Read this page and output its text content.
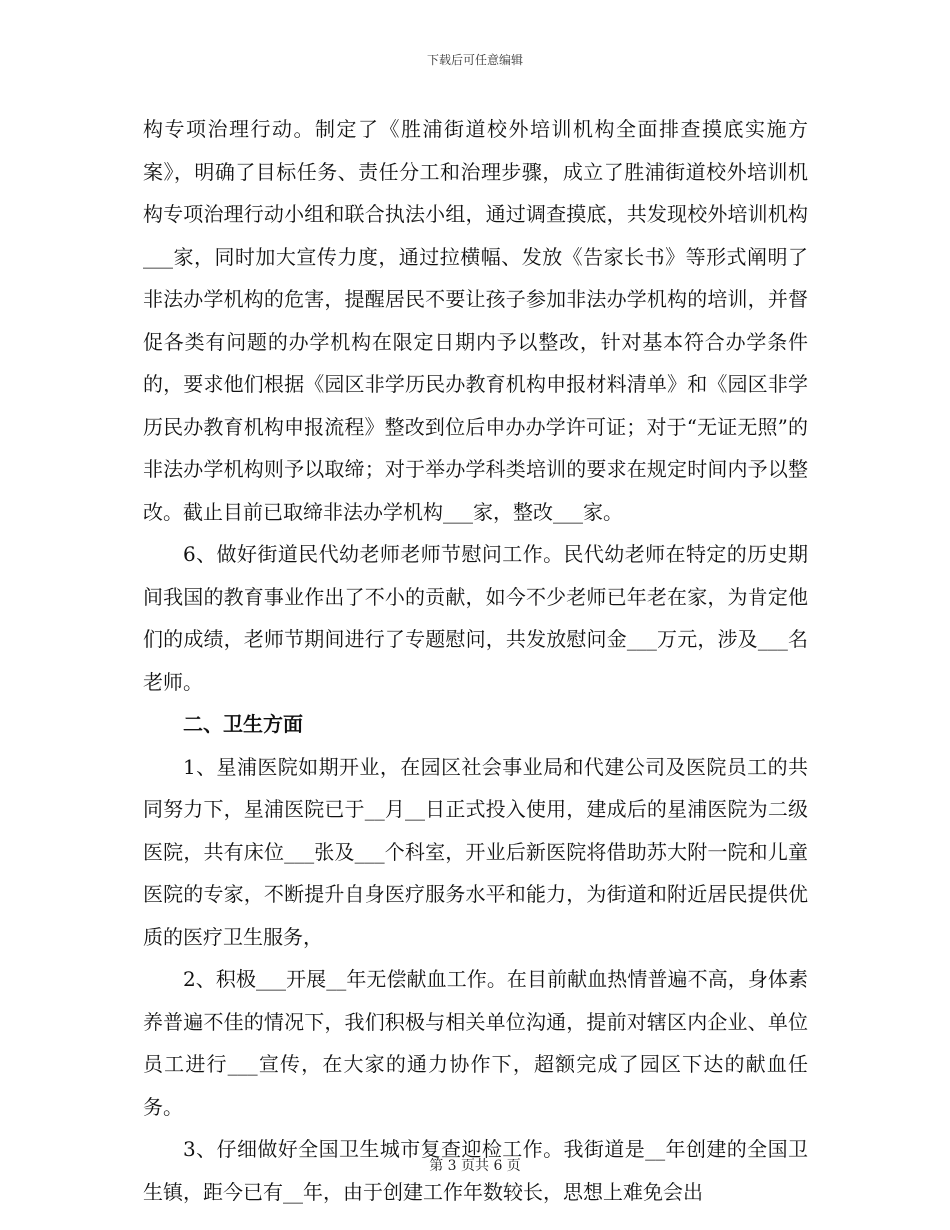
下载后可任意编辑

构专项治理行动。制定了《胜浦街道校外培训机构全面排查摸底实施方案》，明确了目标任务、责任分工和治理步骤，成立了胜浦街道校外培训机构专项治理行动小组和联合执法小组，通过调查摸底，共发现校外培训机构___家，同时加大宣传力度，通过拉横幅、发放《告家长书》等形式阐明了非法办学机构的危害，提醒居民不要让孩子参加非法办学机构的培训，并督促各类有问题的办学机构在限定日期内予以整改，针对基本符合办学条件的，要求他们根据《园区非学历民办教育机构申报材料清单》和《园区非学历民办教育机构申报流程》整改到位后申办办学许可证；对于“无证无照”的非法办学机构则予以取缔；对于举办学科类培训的要求在规定时间内予以整改。截止目前已取缔非法办学机构___家，整改___家。

6、做好街道民代幼老师老师节慰问工作。民代幼老师在特定的历史期间我国的教育事业作出了不小的贡献，如今不少老师已年老在家，为肯定他们的成绩，老师节期间进行了专题慰问，共发放慰问金___万元，涉及___名老师。

二、卫生方面

1、星浦医院如期开业，在园区社会事业局和代建公司及医院员工的共同努力下，星浦医院已于__月__日正式投入使用，建成后的星浦医院为二级医院，共有床位___张及___个科室，开业后新医院将借助苏大附一院和儿童医院的专家，不断提升自身医疗服务水平和能力，为街道和附近居民提供优质的医疗卫生服务，

2、积极___开展__年无偿献血工作。在目前献血热情普遍不高，身体素养普遍不佳的情况下，我们积极与相关单位沟通，提前对辖区内企业、单位员工进行___宣传，在大家的通力协作下，超额完成了园区下达的献血任务。

3、仔细做好全国卫生城市复查迎检工作。我街道是__年创建的全国卫生镇，距今已有__年，由于创建工作年数较长，思想上难免会出

第 3 页共 6 页
